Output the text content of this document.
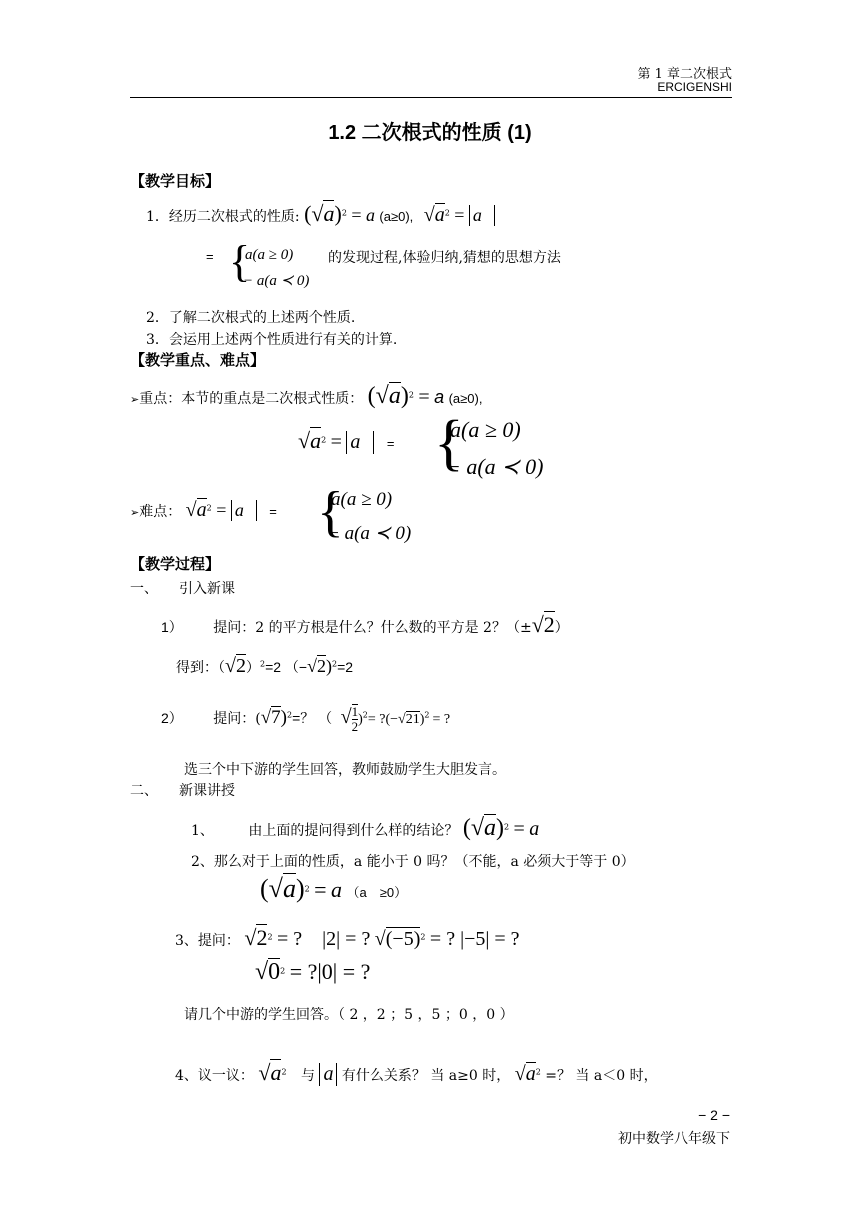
第 1 章二次根式
ERCIGENSHI
1.2 二次根式的性质 (1)
【教学目标】
1．经历二次根式的性质: $(√a)^2 = a$ (a≥0), $√a^2 = a$
= {
a(a ≥ 0)
− a(a ≺ 0)
的发现过程,体验归纳,猜想的思想方法
2．了解二次根式的上述两个性质.
3．会运用上述两个性质进行有关的计算.
【教学重点、难点】
➢重点：本节的重点是二次根式性质： $(√a)^2 = a$ (a≥0),
$√a^2 = a$ = {
a(a ≥ 0)
− a(a ≺ 0)
➢难点： $√a^2 = a$ = {
a(a ≥ 0)
− a(a ≺ 0)
【教学过程】
一、　　引入新课
1） 提问：2 的平方根是什么？什么数的平方是 2？（±√2）
得到：$(√2)^2=2$ （−√2)$^2$=2
2） 提问：$(√7)^2=$？ （ √ $\frac{1}{2} )^2=$ $?(-√21)^2$ = ?
选三个中下游的学生回答，教师鼓励学生大胆发言。
二、　　新课讲授
1、 由上面的提问得到什么样的结论？ $(√a)^2 = a$
2、那么对于上面的性质，a 能小于 0 吗？（不能，a 必须大于等于 0）
$(√a)^2 = a$ （a　≥0）
3、提问： $√2^2$ = ?　|2| = ? $√(-5)^2$ = ? |−5| = ?
$√0^2$ = ?|0| = ?
请几个中游的学生回答。（ 2 ，2 ；5 ，5 ；0 ，0 ）
4、议一议： $√a^2$ 与 a 有什么关系？ 当 a≥0 时， $√a^2$ =？ 当 a＜0 时，
− 2 −
初中数学八年级下
